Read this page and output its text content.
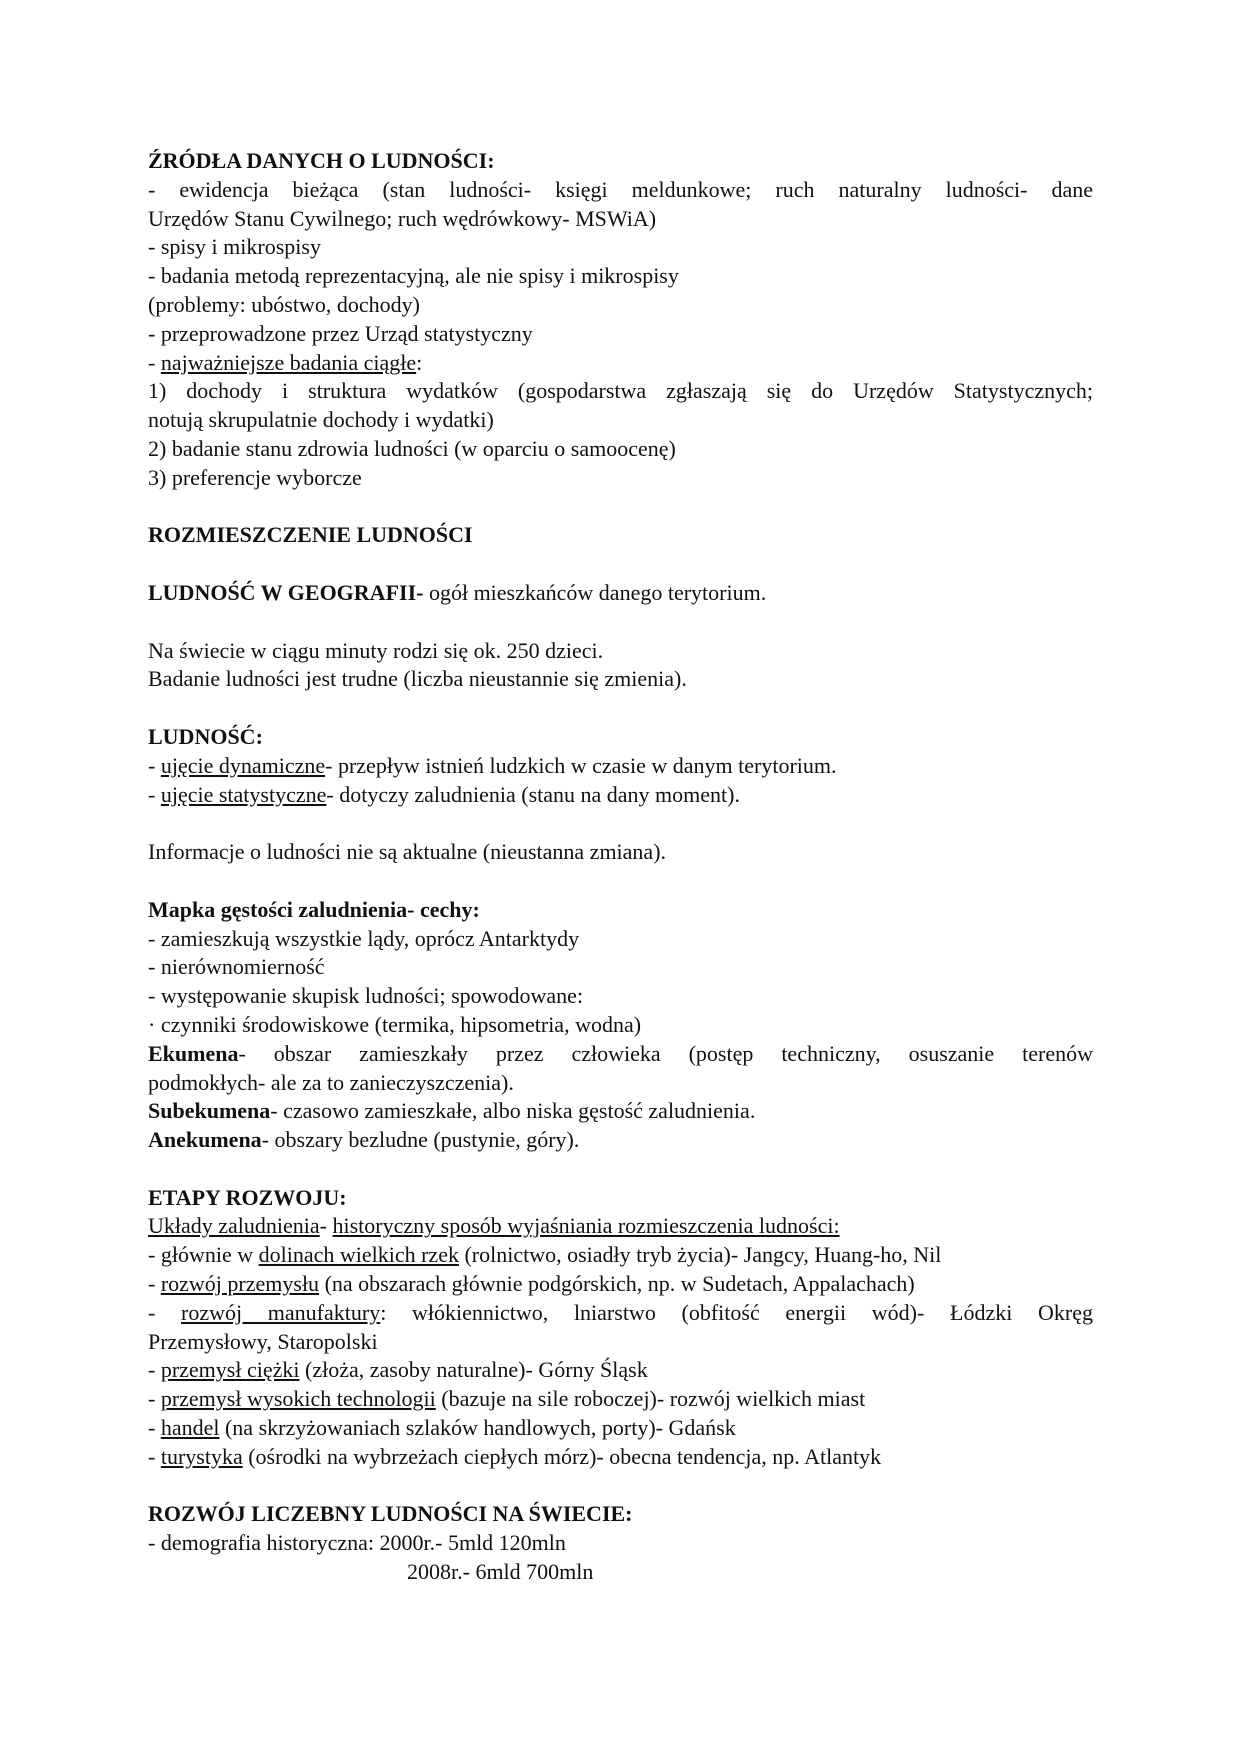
ŹRÓDŁA DANYCH O LUDNOŚCI:
- ewidencja bieżąca (stan ludności- księgi meldunkowe; ruch naturalny ludności- dane
Urzędów Stanu Cywilnego; ruch wędrówkowy- MSWiA)
- spisy i mikrospisy
- badania metodą reprezentacyjną, ale nie spisy i mikrospisy
(problemy: ubóstwo, dochody)
- przeprowadzone przez Urząd statystyczny
- najważniejsze badania ciągłe:
1) dochody i struktura wydatków (gospodarstwa zgłaszają się do Urzędów Statystycznych;
notują skrupulatnie dochody i wydatki)
2) badanie stanu zdrowia ludności (w oparciu o samoocenę)
3) preferencje wyborcze
ROZMIESZCZENIE LUDNOŚCI
LUDNOŚĆ W GEOGRAFII- ogół mieszkańców danego terytorium.
Na świecie w ciągu minuty rodzi się ok. 250 dzieci.
Badanie ludności jest trudne (liczba nieustannie się zmienia).
LUDNOŚĆ:
- ujęcie dynamiczne- przepływ istnień ludzkich w czasie w danym terytorium.
- ujęcie statystyczne- dotyczy zaludnienia (stanu na dany moment).
Informacje o ludności nie są aktualne (nieustanna zmiana).
Mapka gęstości zaludnienia- cechy:
- zamieszkują wszystkie lądy, oprócz Antarktydy
- nierównomierność
- występowanie skupisk ludności; spowodowane:
· czynniki środowiskowe (termika, hipsometria, wodna)
Ekumena- obszar zamieszkały przez człowieka (postęp techniczny, osuszanie terenów
podmokłych- ale za to zanieczyszczenia).
Subekumena- czasowo zamieszkałe, albo niska gęstość zaludnienia.
Anekumena- obszary bezludne (pustynie, góry).
ETAPY ROZWOJU:
Układy zaludnienia- historyczny sposób wyjaśniania rozmieszczenia ludności:
- głównie w dolinach wielkich rzek (rolnictwo, osiadły tryb życia)- Jangcy, Huang-ho, Nil
- rozwój przemysłu (na obszarach głównie podgórskich, np. w Sudetach, Appalachach)
- rozwój manufaktury: włókiennictwo, lniarstwo (obfitość energii wód)- Łódzki Okręg
Przemysłowy, Staropolski
- przemysł ciężki (złoża, zasoby naturalne)- Górny Śląsk
- przemysł wysokich technologii (bazuje na sile roboczej)- rozwój wielkich miast
- handel (na skrzyżowaniach szlaków handlowych, porty)- Gdańsk
- turystyka (ośrodki na wybrzeżach ciepłych mórz)- obecna tendencja, np. Atlantyk
ROZWÓJ LICZEBNY LUDNOŚCI NA ŚWIECIE:
- demografia historyczna: 2000r.- 5mld 120mln
2008r.- 6mld 700mln
